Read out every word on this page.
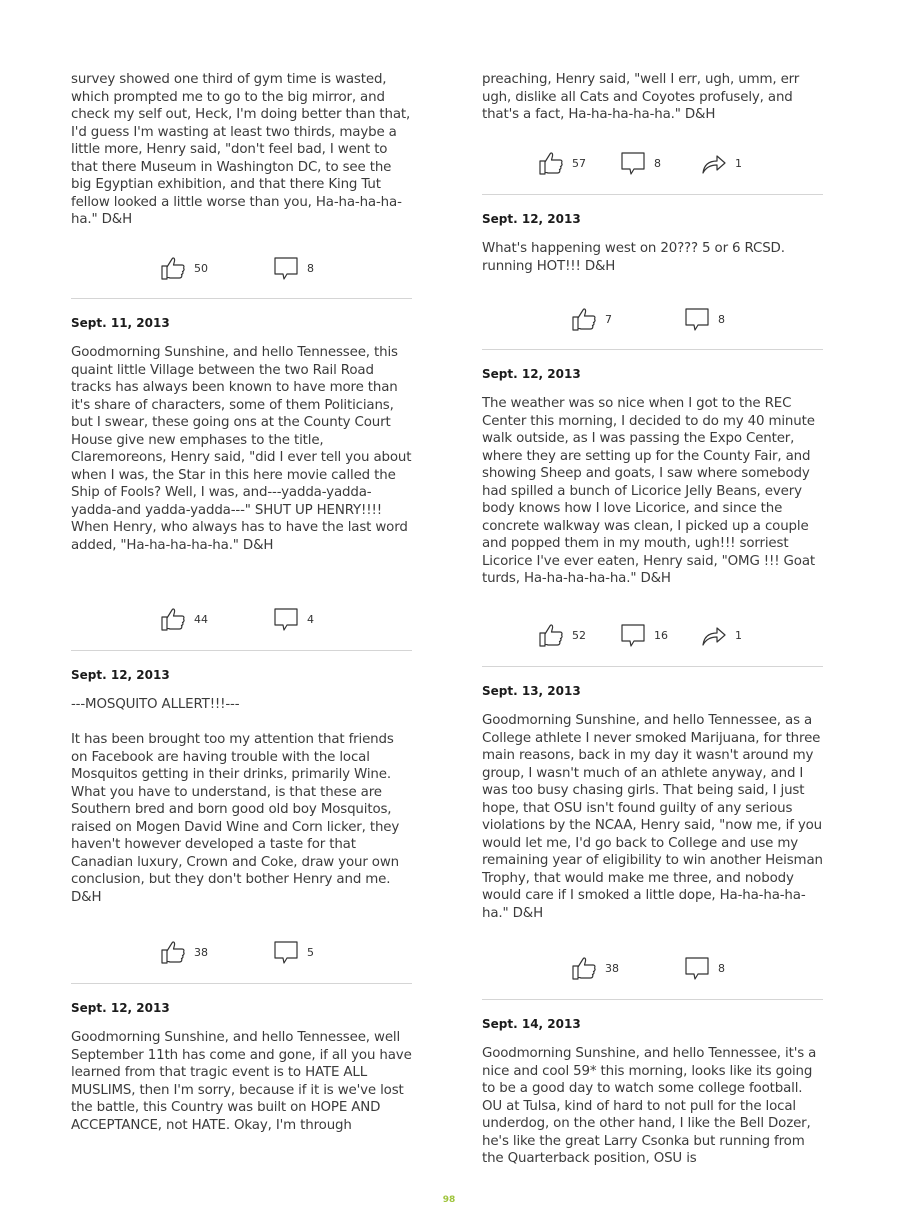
survey showed one third of gym time is wasted, which prompted me to go to the big mirror, and check my self out, Heck, I'm doing better than that, I'd guess I'm wasting at least two thirds, maybe a little more, Henry said, "don't feel bad, I went to that there Museum in Washington DC, to see the big Egyptian exhibition, and that there King Tut fellow looked a little worse than you, Ha-ha-ha-ha-ha." D&H

50	8
Sept. 11, 2013

Goodmorning Sunshine, and hello Tennessee, this quaint little Village between the two Rail Road tracks has always been known to have more than it's share of characters, some of them Politicians, but I swear, these going ons at the County Court House give new emphases to the title, Claremoreons, Henry said, "did I ever tell you about when I was, the Star in this here movie called the Ship of Fools? Well, I was, and---yadda-yadda-yadda-and yadda-yadda---" SHUT UP HENRY!!!! When Henry, who always has to have the last word added, "Ha-ha-ha-ha-ha." D&H

44	4
Sept. 12, 2013

---MOSQUITO ALLERT!!!---

It has been brought too my attention that friends on Facebook are having trouble with the local Mosquitos getting in their drinks, primarily Wine. What you have to understand, is that these are Southern bred and born good old boy Mosquitos, raised on Mogen David Wine and Corn licker, they haven't however developed a taste for that Canadian luxury, Crown and Coke, draw your own conclusion, but they don't bother Henry and me. D&H

38	5
Sept. 12, 2013

Goodmorning Sunshine, and hello Tennessee, well September 11th has come and gone, if all you have learned from that tragic event is to HATE ALL MUSLIMS, then I'm sorry, because if it is we've lost the battle, this Country was built on HOPE AND ACCEPTANCE, not HATE. Okay, I'm through

preaching, Henry said, "well I err, ugh, umm, err ugh, dislike all Cats and Coyotes profusely, and that's a fact, Ha-ha-ha-ha-ha." D&H

57	8	1
Sept. 12, 2013

What's happening west on 20??? 5 or 6 RCSD. running HOT!!! D&H

7	8
Sept. 12, 2013

The weather was so nice when I got to the REC Center this morning, I decided to do my 40 minute walk outside, as I was passing the Expo Center, where they are setting up for the County Fair, and showing Sheep and goats, I saw where somebody had spilled a bunch of Licorice Jelly Beans, every body knows how I love Licorice, and since the concrete walkway was clean, I picked up a couple and popped them in my mouth, ugh!!! sorriest Licorice I've ever eaten, Henry said, "OMG !!! Goat turds, Ha-ha-ha-ha-ha." D&H

52	16	1
Sept. 13, 2013

Goodmorning Sunshine, and hello Tennessee, as a College athlete I never smoked Marijuana, for three main reasons, back in my day it wasn't around my group, I wasn't much of an athlete anyway, and I was too busy chasing girls. That being said, I just hope, that OSU isn't found guilty of any serious violations by the NCAA, Henry said, "now me, if you would let me, I'd go back to College and use my remaining year of eligibility to win another Heisman Trophy, that would make me three, and nobody would care if I smoked a little dope, Ha-ha-ha-ha-ha." D&H

38	8
Sept. 14, 2013

Goodmorning Sunshine, and hello Tennessee, it's a nice and cool 59* this morning, looks like its going to be a good day to watch some college football. OU at Tulsa, kind of hard to not pull for the local underdog, on the other hand, I like the Bell Dozer, he's like the great Larry Csonka but running from the Quarterback position, OSU is

98
